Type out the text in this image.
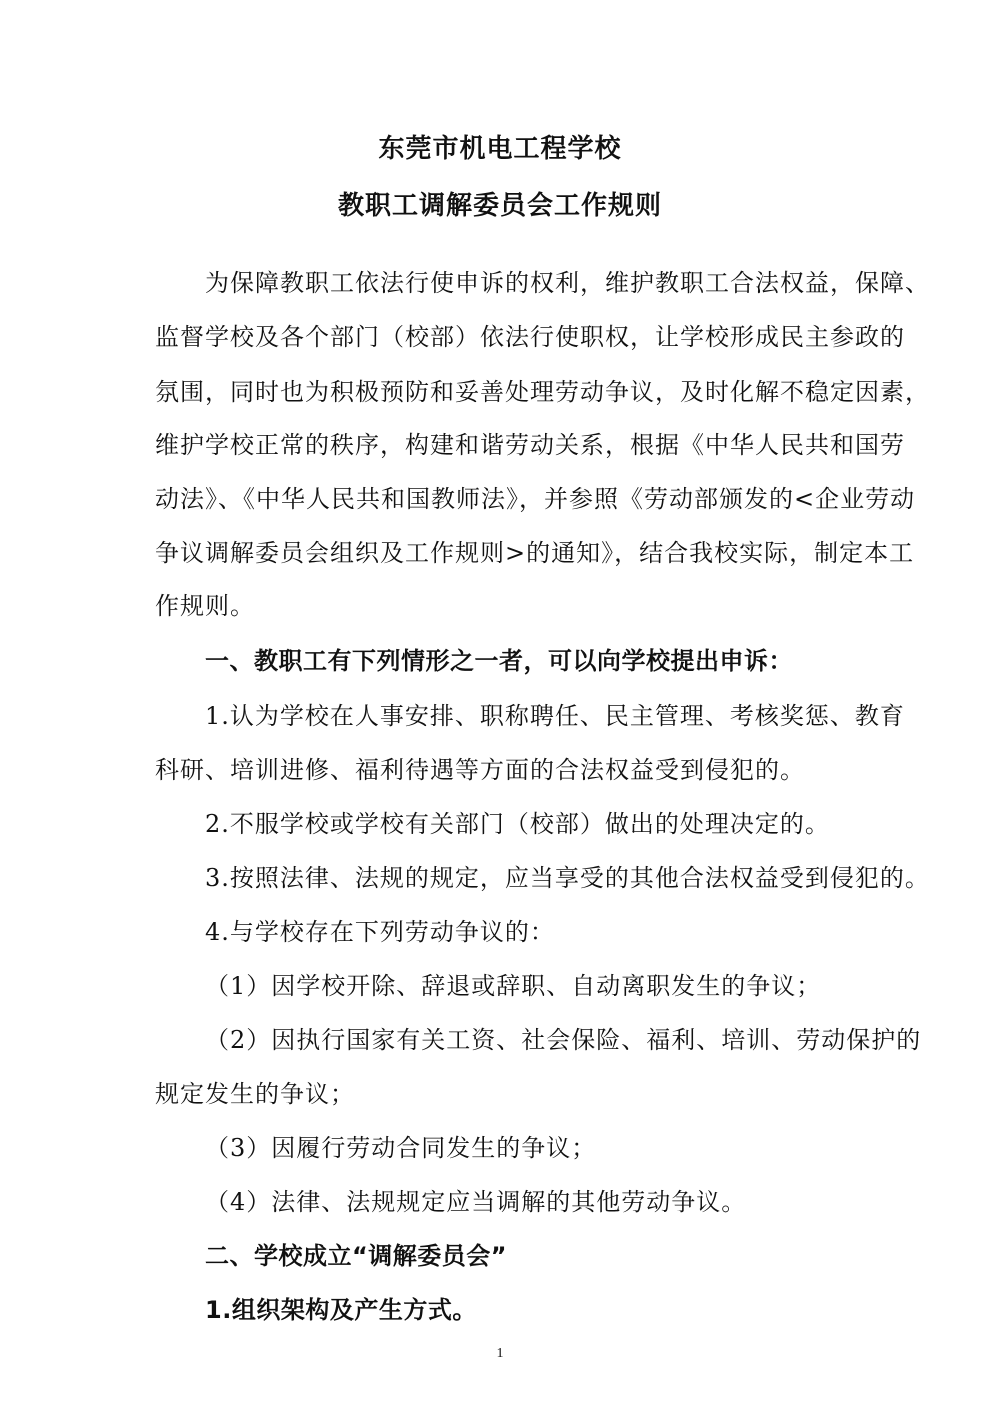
东莞市机电工程学校
教职工调解委员会工作规则
为保障教职工依法行使申诉的权利，维护教职工合法权益，保障、
监督学校及各个部门（校部）依法行使职权，让学校形成民主参政的
氛围，同时也为积极预防和妥善处理劳动争议，及时化解不稳定因素，
维护学校正常的秩序，构建和谐劳动关系，根据《中华人民共和国劳
动法》、《中华人民共和国教师法》，并参照《劳动部颁发的<企业劳动
争议调解委员会组织及工作规则>的通知》，结合我校实际，制定本工
作规则。
一、教职工有下列情形之一者，可以向学校提出申诉：
1.认为学校在人事安排、职称聘任、民主管理、考核奖惩、教育
科研、培训进修、福利待遇等方面的合法权益受到侵犯的。
2.不服学校或学校有关部门（校部）做出的处理决定的。
3.按照法律、法规的规定，应当享受的其他合法权益受到侵犯的。
4.与学校存在下列劳动争议的：
（1）因学校开除、辞退或辞职、自动离职发生的争议；
（2）因执行国家有关工资、社会保险、福利、培训、劳动保护的
规定发生的争议；
（3）因履行劳动合同发生的争议；
（4）法律、法规规定应当调解的其他劳动争议。
二、学校成立“调解委员会”
1.组织架构及产生方式。
1
